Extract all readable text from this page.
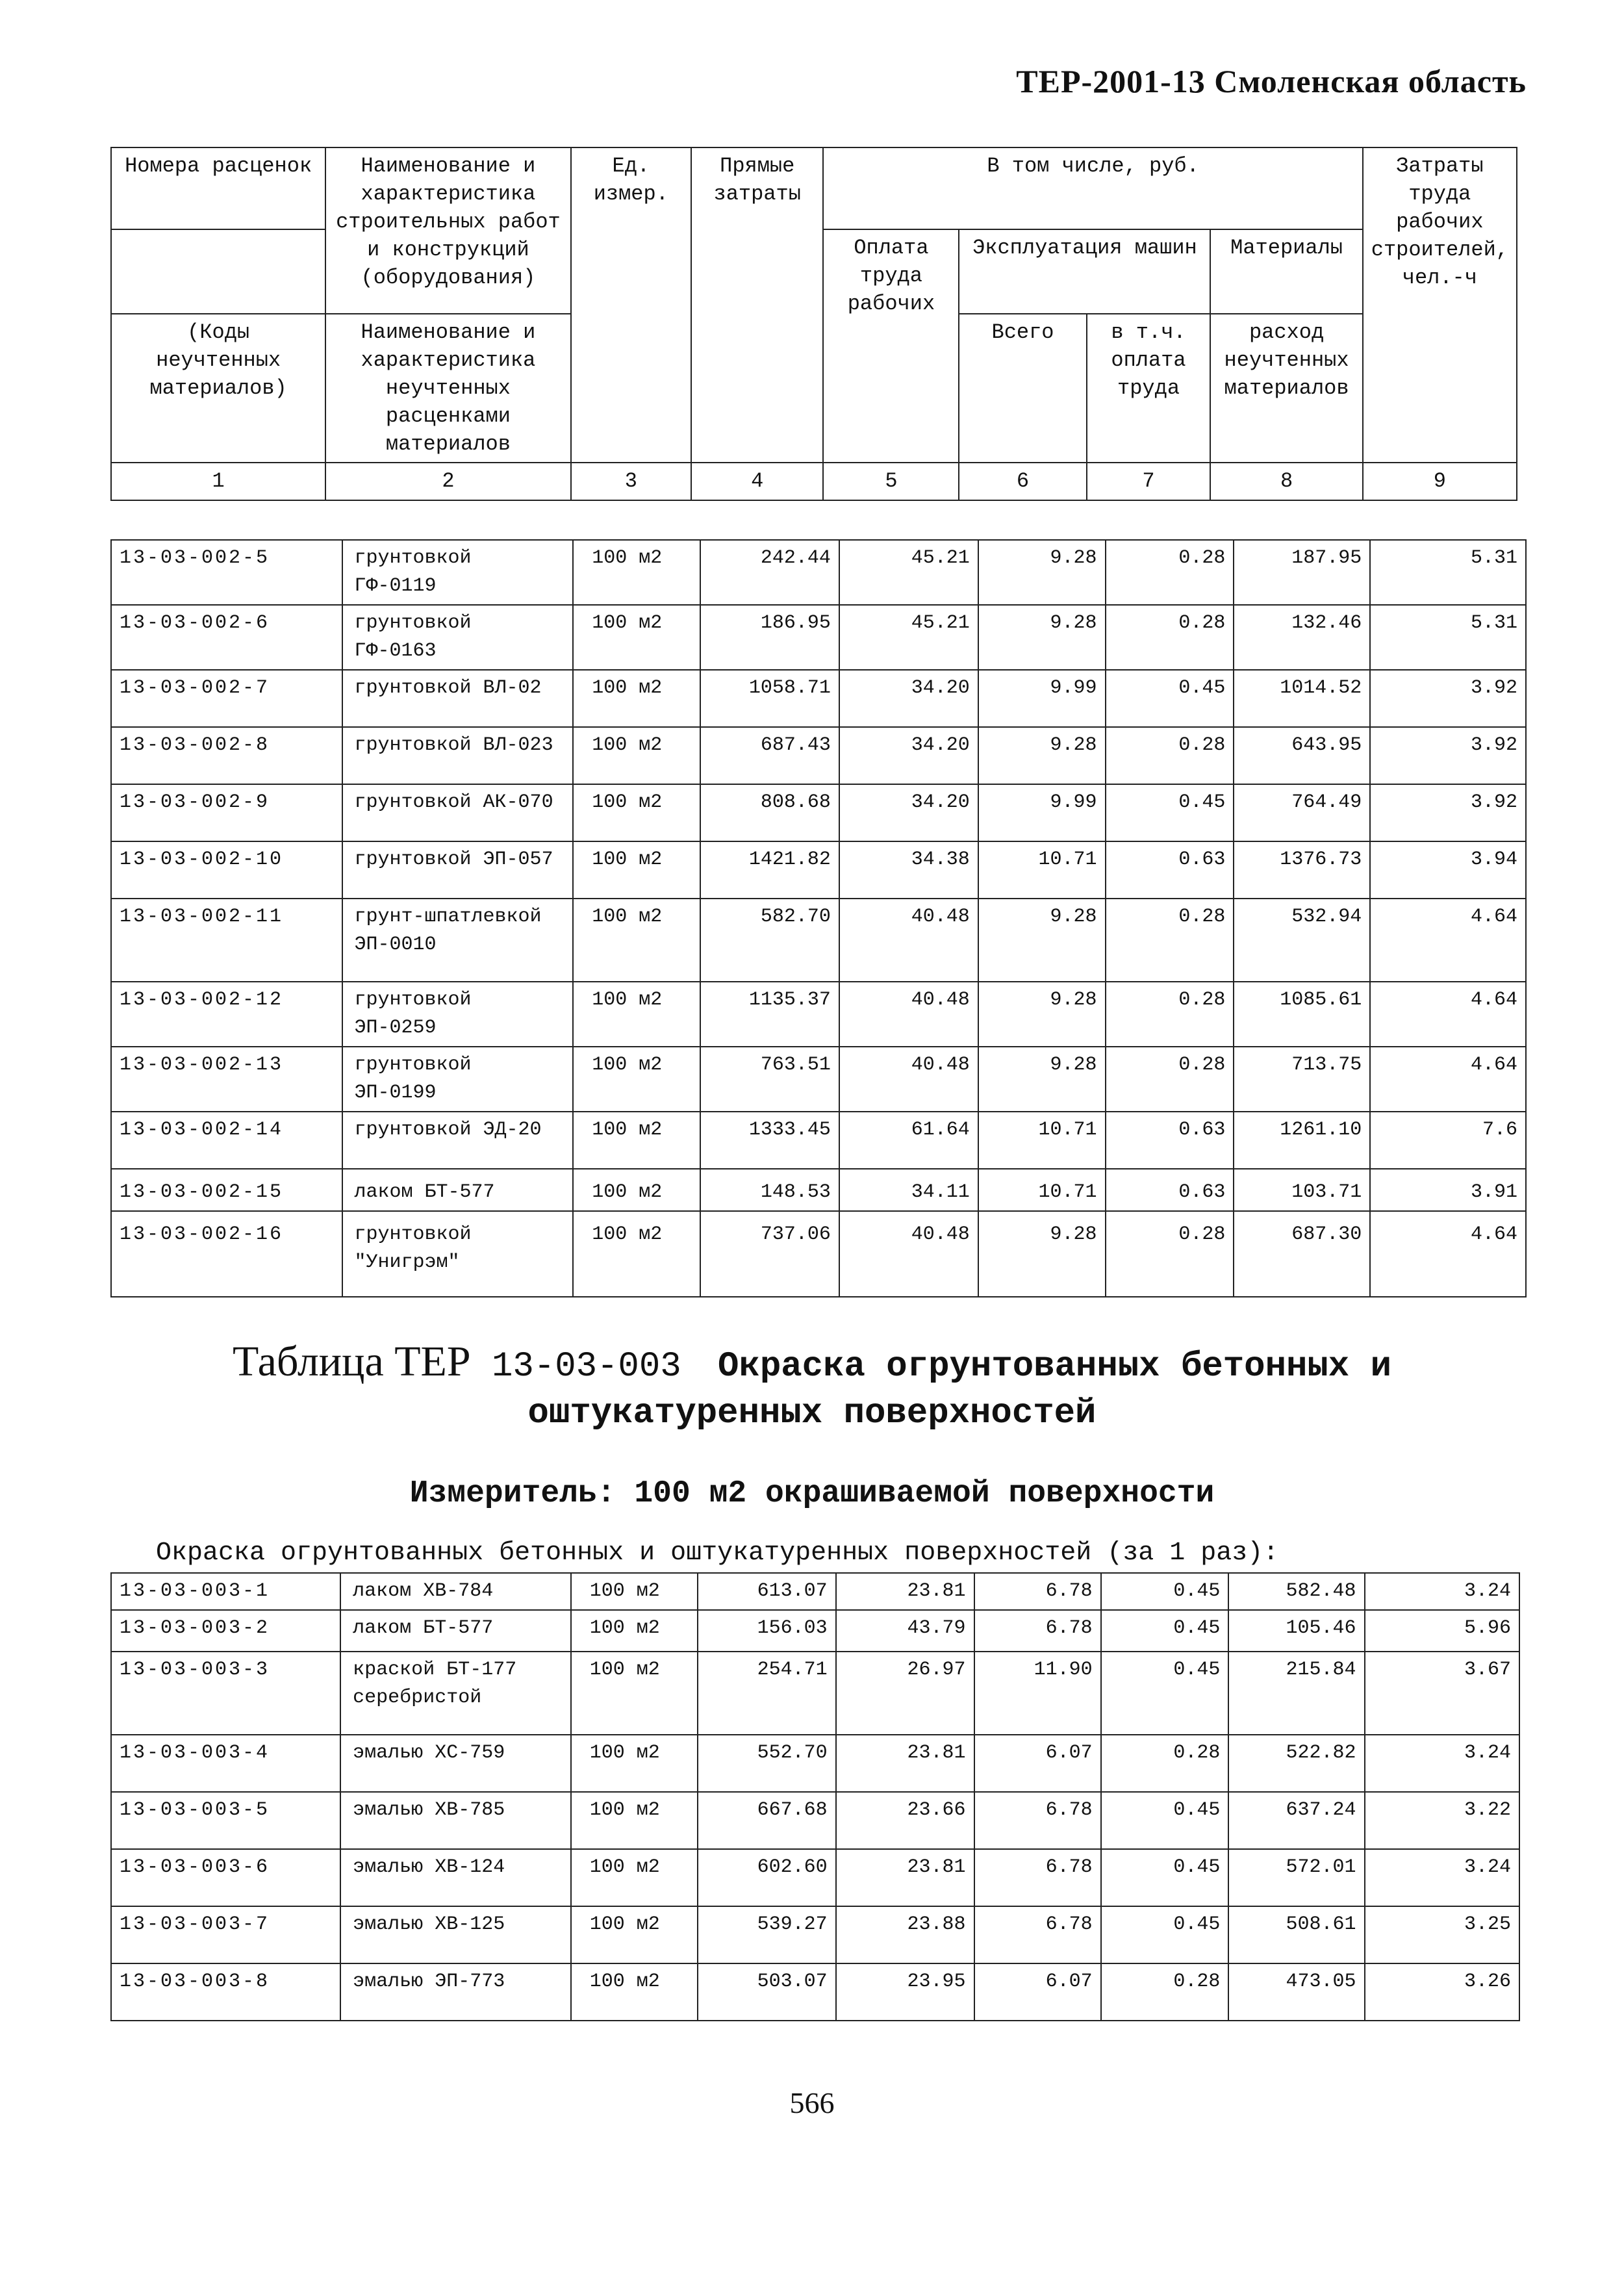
ТЕР-2001-13 Смоленская область
Номера расценок	Наименование и характеристика строительных работ и конструкций (оборудования)	Ед. измер.	Прямые затраты	В том числе, руб.				Затраты труда рабочих строителей, чел.-ч
				Оплата труда рабочих	Эксплуатация машин		Материалы	
(Коды неучтенных материалов)	Наименование и характеристика неучтенных расценками материалов				Всего	в т.ч. оплата труда	расход неучтенных материалов	
1	2	3	4	5	6	7	8	9
13-03-002-5	грунтовкой ГФ-0119	100 м2	242.44	45.21	9.28	0.28	187.95	5.31
13-03-002-6	грунтовкой ГФ-0163	100 м2	186.95	45.21	9.28	0.28	132.46	5.31
13-03-002-7	грунтовкой ВЛ-02	100 м2	1058.71	34.20	9.99	0.45	1014.52	3.92
13-03-002-8	грунтовкой ВЛ-023	100 м2	687.43	34.20	9.28	0.28	643.95	3.92
13-03-002-9	грунтовкой АК-070	100 м2	808.68	34.20	9.99	0.45	764.49	3.92
13-03-002-10	грунтовкой ЭП-057	100 м2	1421.82	34.38	10.71	0.63	1376.73	3.94
13-03-002-11	грунт-шпатлевкой ЭП-0010	100 м2	582.70	40.48	9.28	0.28	532.94	4.64
13-03-002-12	грунтовкой ЭП-0259	100 м2	1135.37	40.48	9.28	0.28	1085.61	4.64
13-03-002-13	грунтовкой ЭП-0199	100 м2	763.51	40.48	9.28	0.28	713.75	4.64
13-03-002-14	грунтовкой ЭД-20	100 м2	1333.45	61.64	10.71	0.63	1261.10	7.6
13-03-002-15	лаком БТ-577	100 м2	148.53	34.11	10.71	0.63	103.71	3.91
13-03-002-16	грунтовкой "Унигрэм"	100 м2	737.06	40.48	9.28	0.28	687.30	4.64
Таблица ТЕР 13-03-003 Окраска огрунтованных бетонных и
оштукатуренных поверхностей
Измеритель: 100 м2 окрашиваемой поверхности
Окраска огрунтованных бетонных и оштукатуренных поверхностей (за 1 раз):
13-03-003-1	лаком ХВ-784	100 м2	613.07	23.81	6.78	0.45	582.48	3.24
13-03-003-2	лаком БТ-577	100 м2	156.03	43.79	6.78	0.45	105.46	5.96
13-03-003-3	краской БТ-177 серебристой	100 м2	254.71	26.97	11.90	0.45	215.84	3.67
13-03-003-4	эмалью ХС-759	100 м2	552.70	23.81	6.07	0.28	522.82	3.24
13-03-003-5	эмалью ХВ-785	100 м2	667.68	23.66	6.78	0.45	637.24	3.22
13-03-003-6	эмалью ХВ-124	100 м2	602.60	23.81	6.78	0.45	572.01	3.24
13-03-003-7	эмалью ХВ-125	100 м2	539.27	23.88	6.78	0.45	508.61	3.25
13-03-003-8	эмалью ЭП-773	100 м2	503.07	23.95	6.07	0.28	473.05	3.26
566
